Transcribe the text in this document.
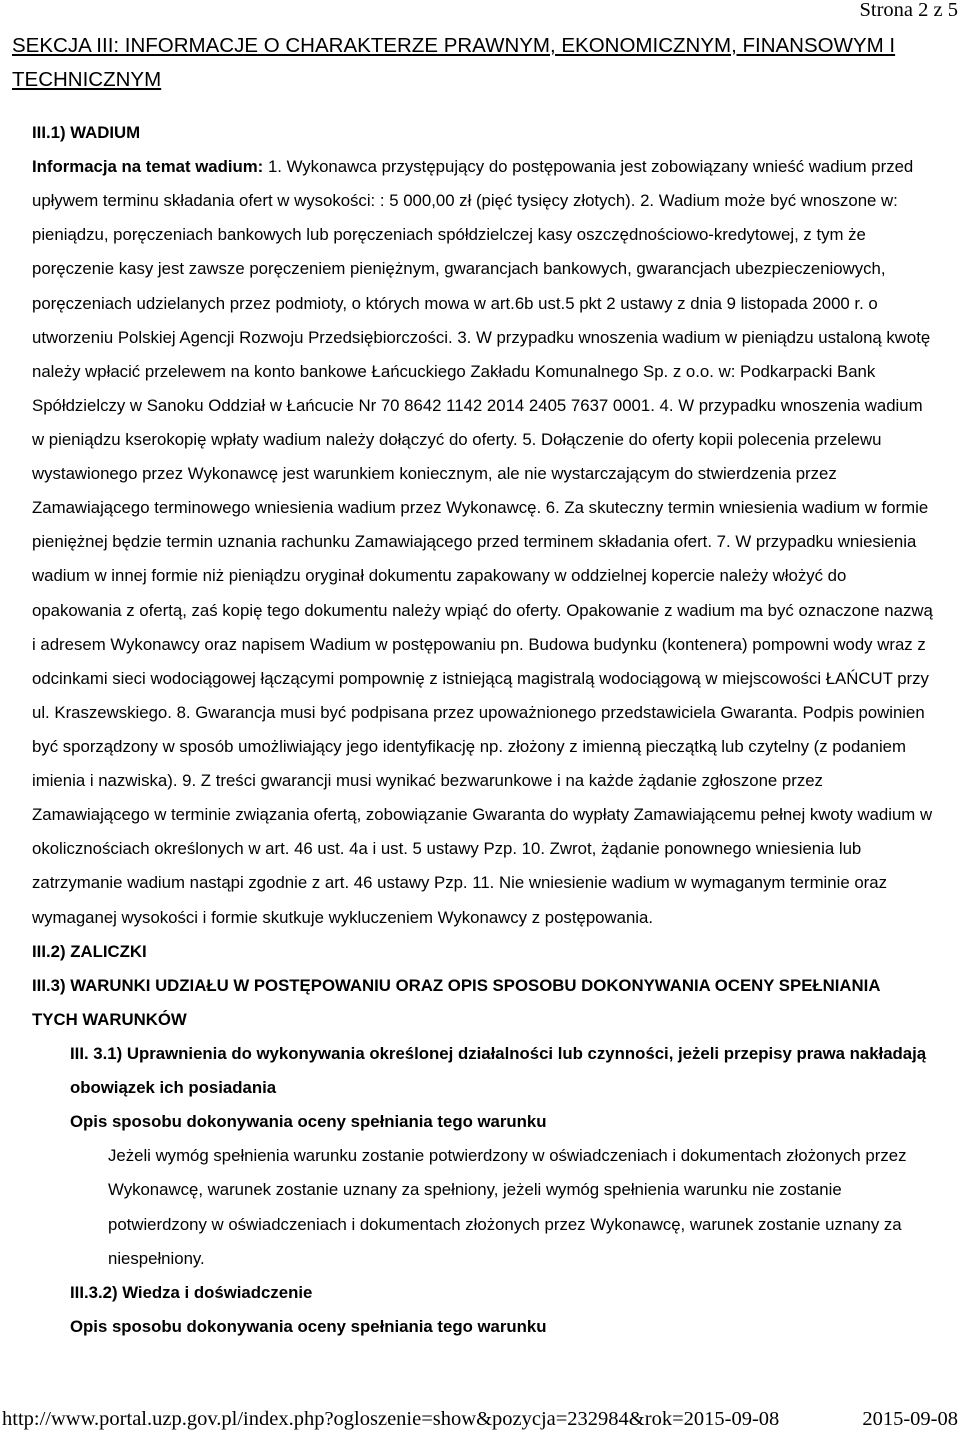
Strona 2 z 5
SEKCJA III: INFORMACJE O CHARAKTERZE PRAWNYM, EKONOMICZNYM, FINANSOWYM I
TECHNICZNYM
III.1) WADIUM
Informacja na temat wadium: 1. Wykonawca przystępujący do postępowania jest zobowiązany wnieść wadium przed
upływem terminu składania ofert w wysokości: : 5 000,00 zł (pięć tysięcy złotych). 2. Wadium może być wnoszone w:
pieniądzu, poręczeniach bankowych lub poręczeniach spółdzielczej kasy oszczędnościowo-kredytowej, z tym że
poręczenie kasy jest zawsze poręczeniem pieniężnym, gwarancjach bankowych, gwarancjach ubezpieczeniowych,
poręczeniach udzielanych przez podmioty, o których mowa w art.6b ust.5 pkt 2 ustawy z dnia 9 listopada 2000 r. o
utworzeniu Polskiej Agencji Rozwoju Przedsiębiorczości. 3. W przypadku wnoszenia wadium w pieniądzu ustaloną kwotę
należy wpłacić przelewem na konto bankowe Łańcuckiego Zakładu Komunalnego Sp. z o.o. w: Podkarpacki Bank
Spółdzielczy w Sanoku Oddział w Łańcucie Nr 70 8642 1142 2014 2405 7637 0001. 4. W przypadku wnoszenia wadium
w pieniądzu kserokopię wpłaty wadium należy dołączyć do oferty. 5. Dołączenie do oferty kopii polecenia przelewu
wystawionego przez Wykonawcę jest warunkiem koniecznym, ale nie wystarczającym do stwierdzenia przez
Zamawiającego terminowego wniesienia wadium przez Wykonawcę. 6. Za skuteczny termin wniesienia wadium w formie
pieniężnej będzie termin uznania rachunku Zamawiającego przed terminem składania ofert. 7. W przypadku wniesienia
wadium w innej formie niż pieniądzu oryginał dokumentu zapakowany w oddzielnej kopercie należy włożyć do
opakowania z ofertą, zaś kopię tego dokumentu należy wpiąć do oferty. Opakowanie z wadium ma być oznaczone nazwą
i adresem Wykonawcy oraz napisem Wadium w postępowaniu pn. Budowa budynku (kontenera) pompowni wody wraz z
odcinkami sieci wodociągowej łączącymi pompownię z istniejącą magistralą wodociągową w miejscowości ŁAŃCUT przy
ul. Kraszewskiego. 8. Gwarancja musi być podpisana przez upoważnionego przedstawiciela Gwaranta. Podpis powinien
być sporządzony w sposób umożliwiający jego identyfikację np. złożony z imienną pieczątką lub czytelny (z podaniem
imienia i nazwiska). 9. Z treści gwarancji musi wynikać bezwarunkowe i na każde żądanie zgłoszone przez
Zamawiającego w terminie związania ofertą, zobowiązanie Gwaranta do wypłaty Zamawiającemu pełnej kwoty wadium w
okolicznościach określonych w art. 46 ust. 4a i ust. 5 ustawy Pzp. 10. Zwrot, żądanie ponownego wniesienia lub
zatrzymanie wadium nastąpi zgodnie z art. 46 ustawy Pzp. 11. Nie wniesienie wadium w wymaganym terminie oraz
wymaganej wysokości i formie skutkuje wykluczeniem Wykonawcy z postępowania.
III.2) ZALICZKI
III.3) WARUNKI UDZIAŁU W POSTĘPOWANIU ORAZ OPIS SPOSOBU DOKONYWANIA OCENY SPEŁNIANIA
TYCH WARUNKÓW
III. 3.1) Uprawnienia do wykonywania określonej działalności lub czynności, jeżeli przepisy prawa nakładają
obowiązek ich posiadania
Opis sposobu dokonywania oceny spełniania tego warunku
Jeżeli wymóg spełnienia warunku zostanie potwierdzony w oświadczeniach i dokumentach złożonych przez
Wykonawcę, warunek zostanie uznany za spełniony, jeżeli wymóg spełnienia warunku nie zostanie
potwierdzony w oświadczeniach i dokumentach złożonych przez Wykonawcę, warunek zostanie uznany za
niespełniony.
III.3.2) Wiedza i doświadczenie
Opis sposobu dokonywania oceny spełniania tego warunku
http://www.portal.uzp.gov.pl/index.php?ogloszenie=show&pozycja=232984&rok=2015-09-08	2015-09-08
